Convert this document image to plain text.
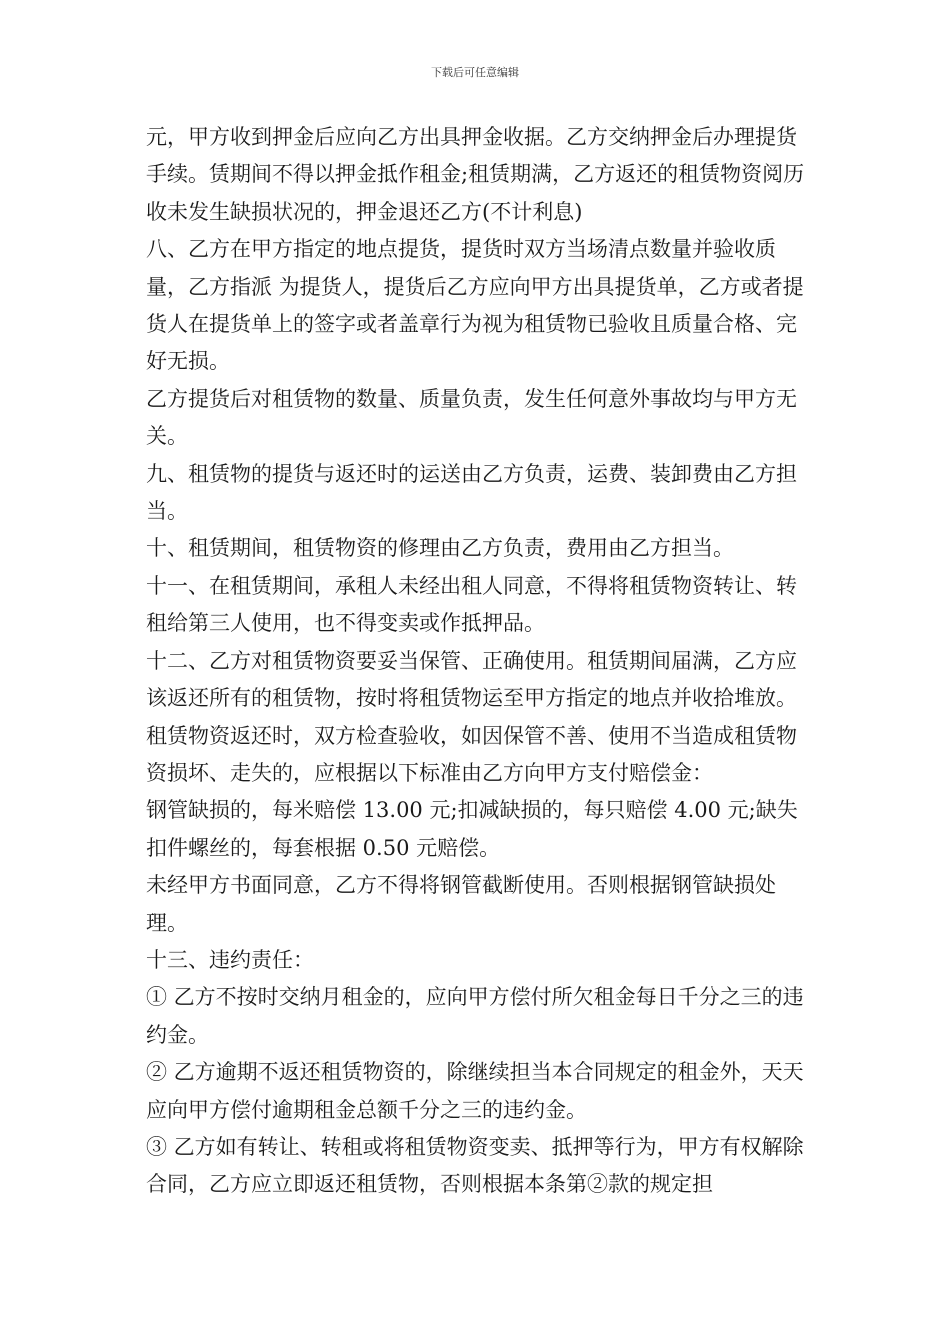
下载后可任意编辑

元，甲方收到押金后应向乙方出具押金收据。乙方交纳押金后办理提货手续。赁期间不得以押金抵作租金;租赁期满，乙方返还的租赁物资阅历收未发生缺损状况的，押金退还乙方(不计利息)

八、乙方在甲方指定的地点提货，提货时双方当场清点数量并验收质量，乙方指派 为提货人，提货后乙方应向甲方出具提货单，乙方或者提货人在提货单上的签字或者盖章行为视为租赁物已验收且质量合格、完好无损。

乙方提货后对租赁物的数量、质量负责，发生任何意外事故均与甲方无关。

九、租赁物的提货与返还时的运送由乙方负责，运费、装卸费由乙方担当。

十、租赁期间，租赁物资的修理由乙方负责，费用由乙方担当。

十一、在租赁期间，承租人未经出租人同意，不得将租赁物资转让、转租给第三人使用，也不得变卖或作抵押品。

十二、乙方对租赁物资要妥当保管、正确使用。租赁期间届满，乙方应该返还所有的租赁物，按时将租赁物运至甲方指定的地点并收拾堆放。租赁物资返还时，双方检查验收，如因保管不善、使用不当造成租赁物资损坏、走失的，应根据以下标准由乙方向甲方支付赔偿金：

钢管缺损的，每米赔偿 13.00 元;扣减缺损的，每只赔偿 4.00 元;缺失扣件螺丝的，每套根据 0.50 元赔偿。

未经甲方书面同意，乙方不得将钢管截断使用。否则根据钢管缺损处理。

十三、违约责任：

① 乙方不按时交纳月租金的，应向甲方偿付所欠租金每日千分之三的违约金。

② 乙方逾期不返还租赁物资的，除继续担当本合同规定的租金外，天天应向甲方偿付逾期租金总额千分之三的违约金。

③ 乙方如有转让、转租或将租赁物资变卖、抵押等行为，甲方有权解除合同，乙方应立即返还租赁物，否则根据本条第②款的规定担
